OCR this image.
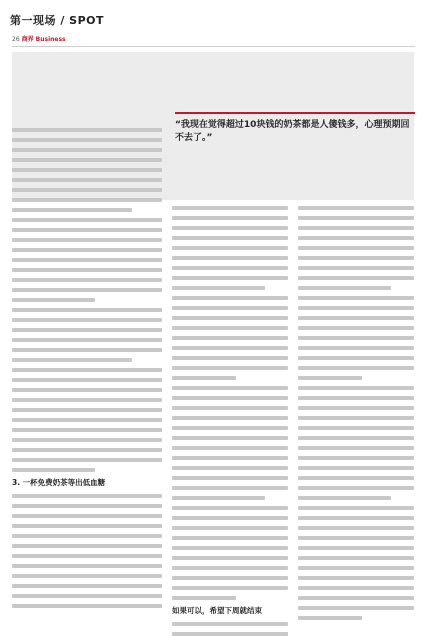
第一现场 / SPOT
26 商界 Business
“我现在觉得超过10块钱的奶茶都是人傻钱多，心理预期回不去了。”
3. 一杯免费奶茶等出低血糖
如果可以，希望下周就结束
